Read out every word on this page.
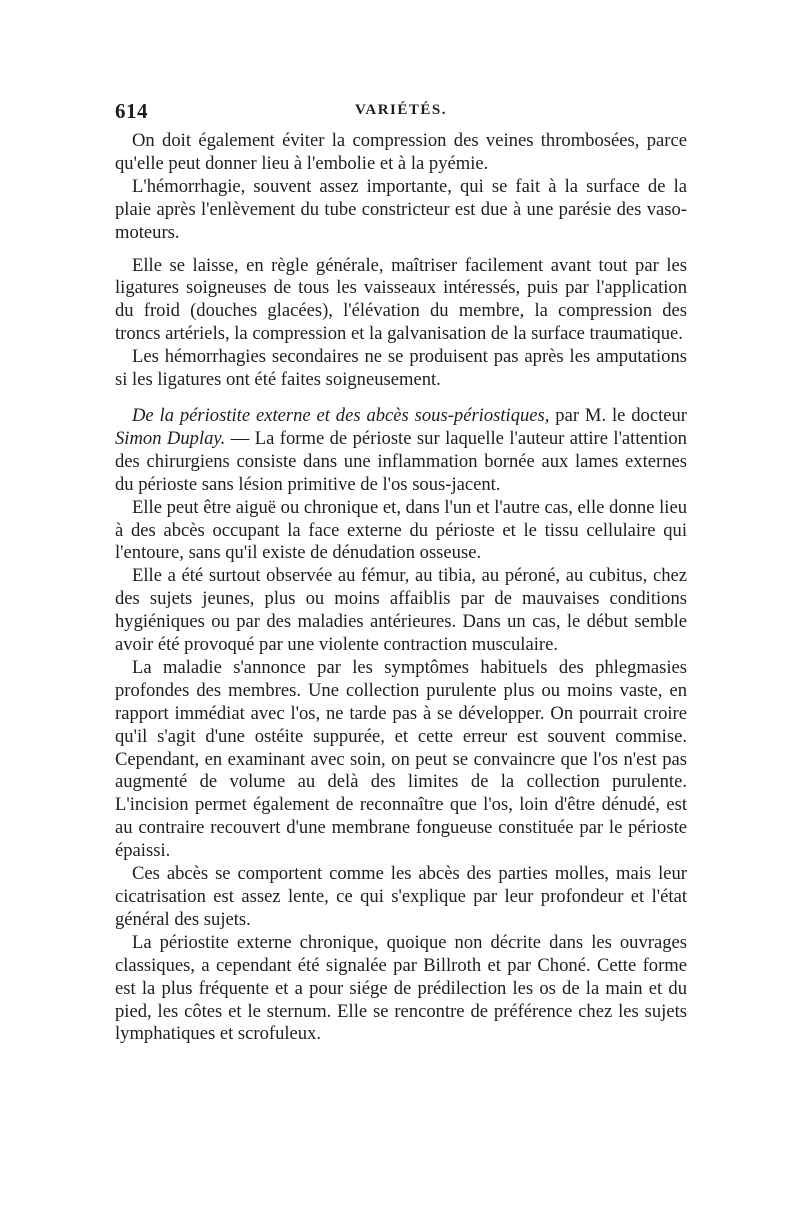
614	VARIÉTÉS.

On doit également éviter la compression des veines thrombosées, parce qu'elle peut donner lieu à l'embolie et à la pyémie.

L'hémorrhagie, souvent assez importante, qui se fait à la surface de la plaie après l'enlèvement du tube constricteur est due à une parésie des vaso-moteurs.

Elle se laisse, en règle générale, maîtriser facilement avant tout par les ligatures soigneuses de tous les vaisseaux intéressés, puis par l'application du froid (douches glacées), l'élévation du membre, la compression des troncs artériels, la compression et la galvanisation de la surface traumatique.

Les hémorrhagies secondaires ne se produisent pas après les amputations si les ligatures ont été faites soigneusement.

De la périostite externe et des abcès sous-périostiques, par M. le docteur Simon Duplay. — La forme de périoste sur laquelle l'auteur attire l'attention des chirurgiens consiste dans une inflammation bornée aux lames externes du périoste sans lésion primitive de l'os sous-jacent.

Elle peut être aiguë ou chronique et, dans l'un et l'autre cas, elle donne lieu à des abcès occupant la face externe du périoste et le tissu cellulaire qui l'entoure, sans qu'il existe de dénudation osseuse.

Elle a été surtout observée au fémur, au tibia, au péroné, au cubitus, chez des sujets jeunes, plus ou moins affaiblis par de mauvaises conditions hygiéniques ou par des maladies antérieures. Dans un cas, le début semble avoir été provoqué par une violente contraction musculaire.

La maladie s'annonce par les symptômes habituels des phlegmasies profondes des membres. Une collection purulente plus ou moins vaste, en rapport immédiat avec l'os, ne tarde pas à se développer. On pourrait croire qu'il s'agit d'une ostéite suppurée, et cette erreur est souvent commise. Cependant, en examinant avec soin, on peut se convaincre que l'os n'est pas augmenté de volume au delà des limites de la collection purulente. L'incision permet également de reconnaître que l'os, loin d'être dénudé, est au contraire recouvert d'une membrane fongueuse constituée par le périoste épaissi.

Ces abcès se comportent comme les abcès des parties molles, mais leur cicatrisation est assez lente, ce qui s'explique par leur profondeur et l'état général des sujets.

La périostite externe chronique, quoique non décrite dans les ouvrages classiques, a cependant été signalée par Billroth et par Choné. Cette forme est la plus fréquente et a pour siége de prédilection les os de la main et du pied, les côtes et le sternum. Elle se rencontre de préférence chez les sujets lymphatiques et scrofuleux.
